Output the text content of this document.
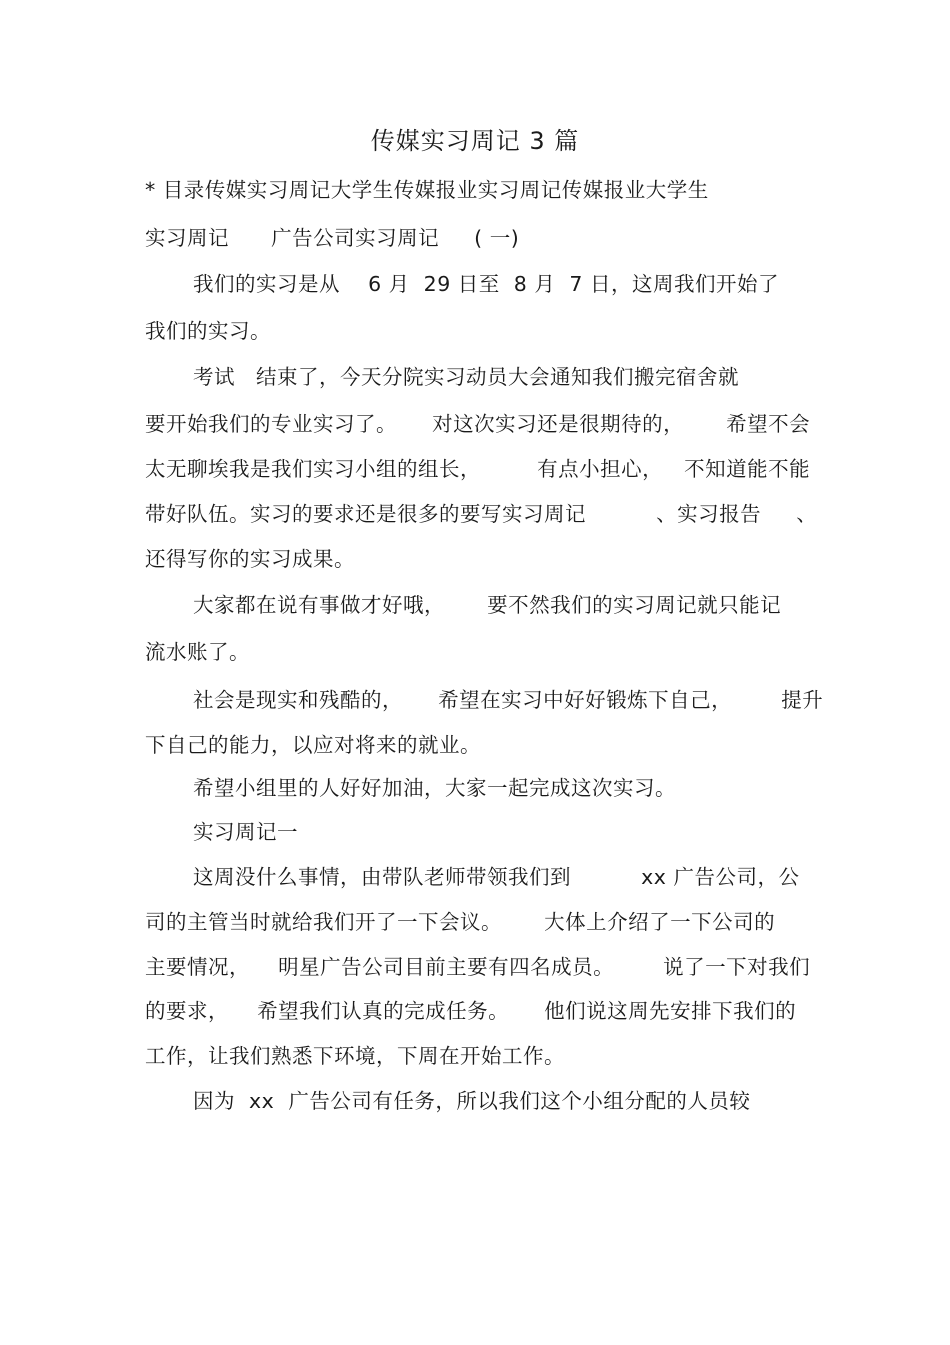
传媒实习周记 3 篇
* 目录传媒实习周记大学生传媒报业实习周记传媒报业大学生
实习周记      广告公司实习周记     ( 一)
我们的实习是从    6 月  29 日至  8 月  7 日，这周我们开始了
我们的实习。
考试   结束了，今天分院实习动员大会通知我们搬完宿舍就
要开始我们的专业实习了。     对这次实习还是很期待的，      希望不会
太无聊埃我是我们实习小组的组长，        有点小担心，   不知道能不能
带好队伍。实习的要求还是很多的要写实习周记          、实习报告     、
还得写你的实习成果。
大家都在说有事做才好哦，      要不然我们的实习周记就只能记
流水账了。
社会是现实和残酷的，     希望在实习中好好锻炼下自己，       提升
下自己的能力，以应对将来的就业。
希望小组里的人好好加油，大家一起完成这次实习。
实习周记一
这周没什么事情，由带队老师带领我们到          xx 广告公司，公
司的主管当时就给我们开了一下会议。      大体上介绍了一下公司的
主要情况，    明星广告公司目前主要有四名成员。       说了一下对我们
的要求，    希望我们认真的完成任务。     他们说这周先安排下我们的
工作，让我们熟悉下环境，下周在开始工作。
因为  xx  广告公司有任务，所以我们这个小组分配的人员较
